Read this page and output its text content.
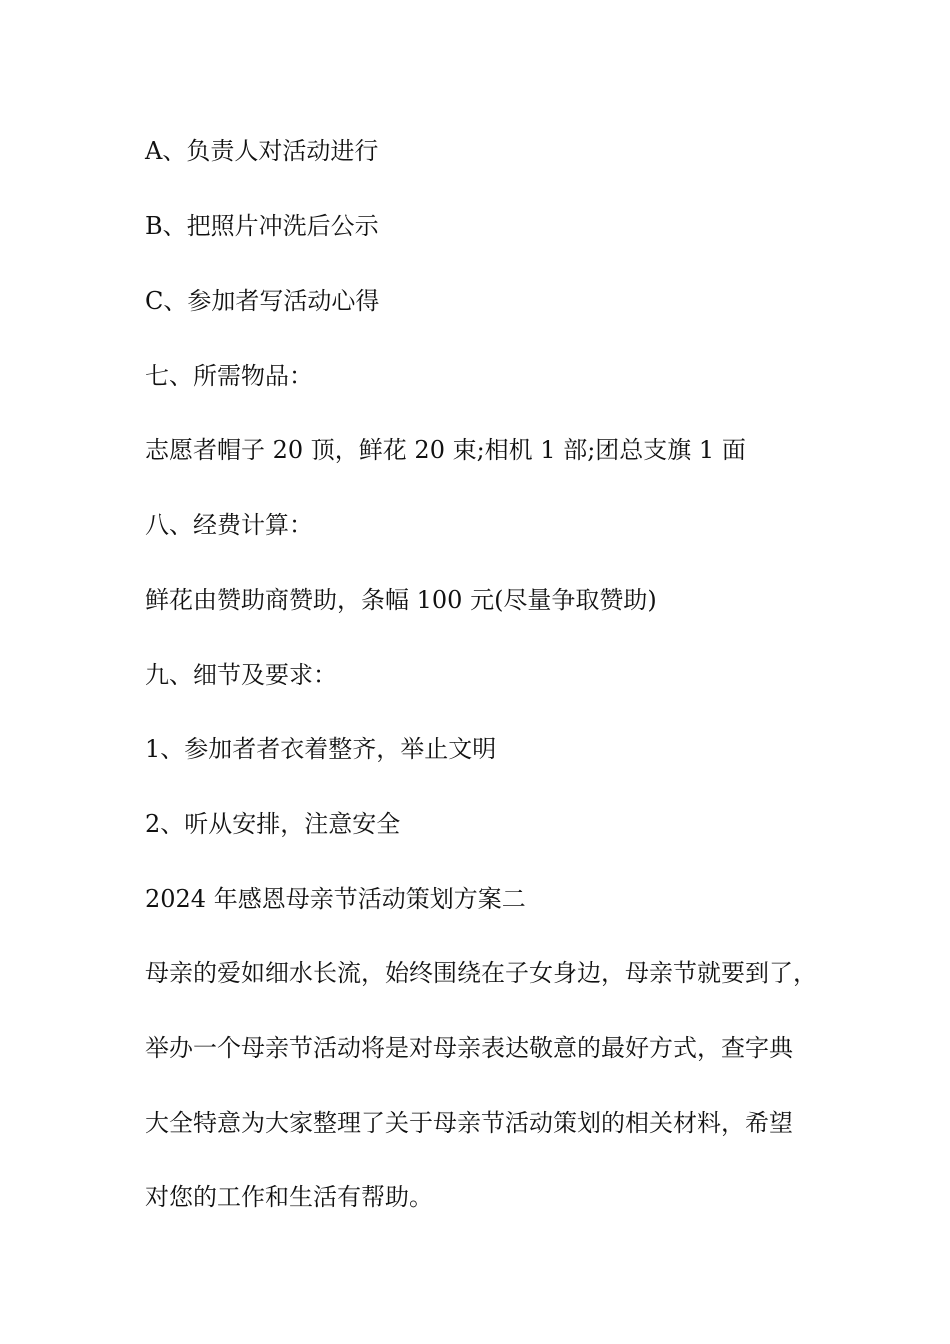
A、负责人对活动进行
B、把照片冲洗后公示
C、参加者写活动心得
七、所需物品：
志愿者帽子 20 顶，鲜花 20 束;相机 1 部;团总支旗 1 面
八、经费计算：
鲜花由赞助商赞助，条幅 100 元(尽量争取赞助)
九、细节及要求：
1、参加者者衣着整齐，举止文明
2、听从安排，注意安全
2024 年感恩母亲节活动策划方案二
母亲的爱如细水长流，始终围绕在子女身边，母亲节就要到了，
举办一个母亲节活动将是对母亲表达敬意的最好方式，查字典
大全特意为大家整理了关于母亲节活动策划的相关材料，希望
对您的工作和生活有帮助。
